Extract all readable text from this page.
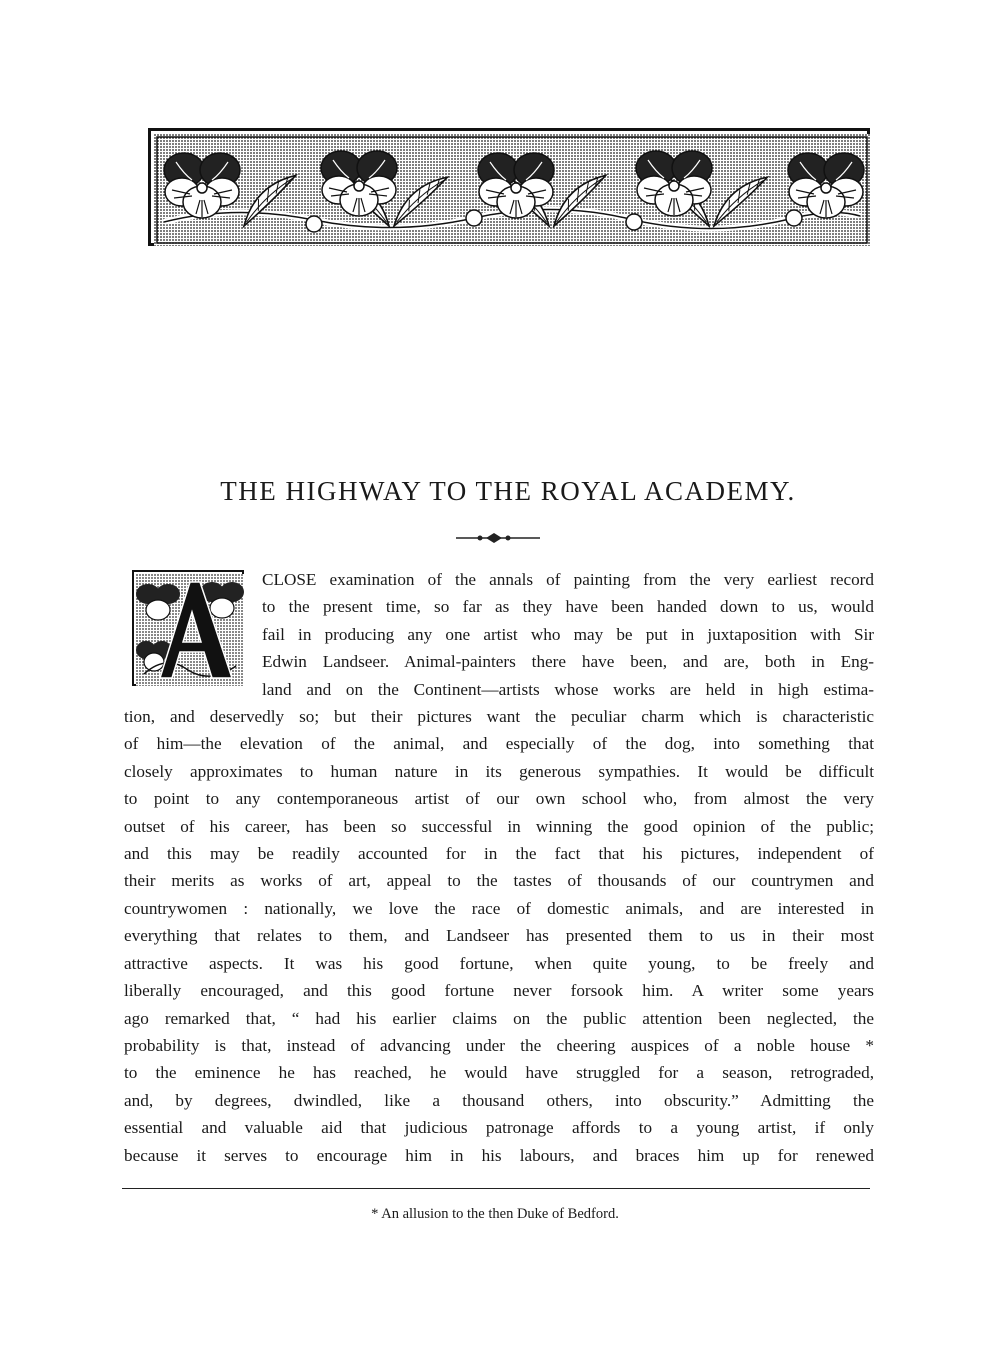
THE HIGHWAY TO THE ROYAL ACADEMY.
CLOSE examination of the annals of painting from the very earliest record
to the present time, so far as they have been handed down to us, would
fail in producing any one artist who may be put in juxtaposition with Sir
Edwin Landseer. Animal-painters there have been, and are, both in Eng-
land and on the Continent—artists whose works are held in high estima-
tion, and deservedly so; but their pictures want the peculiar charm which is characteristic
of him—the elevation of the animal, and especially of the dog, into something that
closely approximates to human nature in its generous sympathies. It would be difficult
to point to any contemporaneous artist of our own school who, from almost the very
outset of his career, has been so successful in winning the good opinion of the public;
and this may be readily accounted for in the fact that his pictures, independent of
their merits as works of art, appeal to the tastes of thousands of our countrymen and
countrywomen : nationally, we love the race of domestic animals, and are interested in
everything that relates to them, and Landseer has presented them to us in their most
attractive aspects. It was his good fortune, when quite young, to be freely and
liberally encouraged, and this good fortune never forsook him. A writer some years
ago remarked that, “ had his earlier claims on the public attention been neglected, the
probability is that, instead of advancing under the cheering auspices of a noble house *
to the eminence he has reached, he would have struggled for a season, retrograded,
and, by degrees, dwindled, like a thousand others, into obscurity.” Admitting the
essential and valuable aid that judicious patronage affords to a young artist, if only
because it serves to encourage him in his labours, and braces him up for renewed

* An allusion to the then Duke of Bedford.
